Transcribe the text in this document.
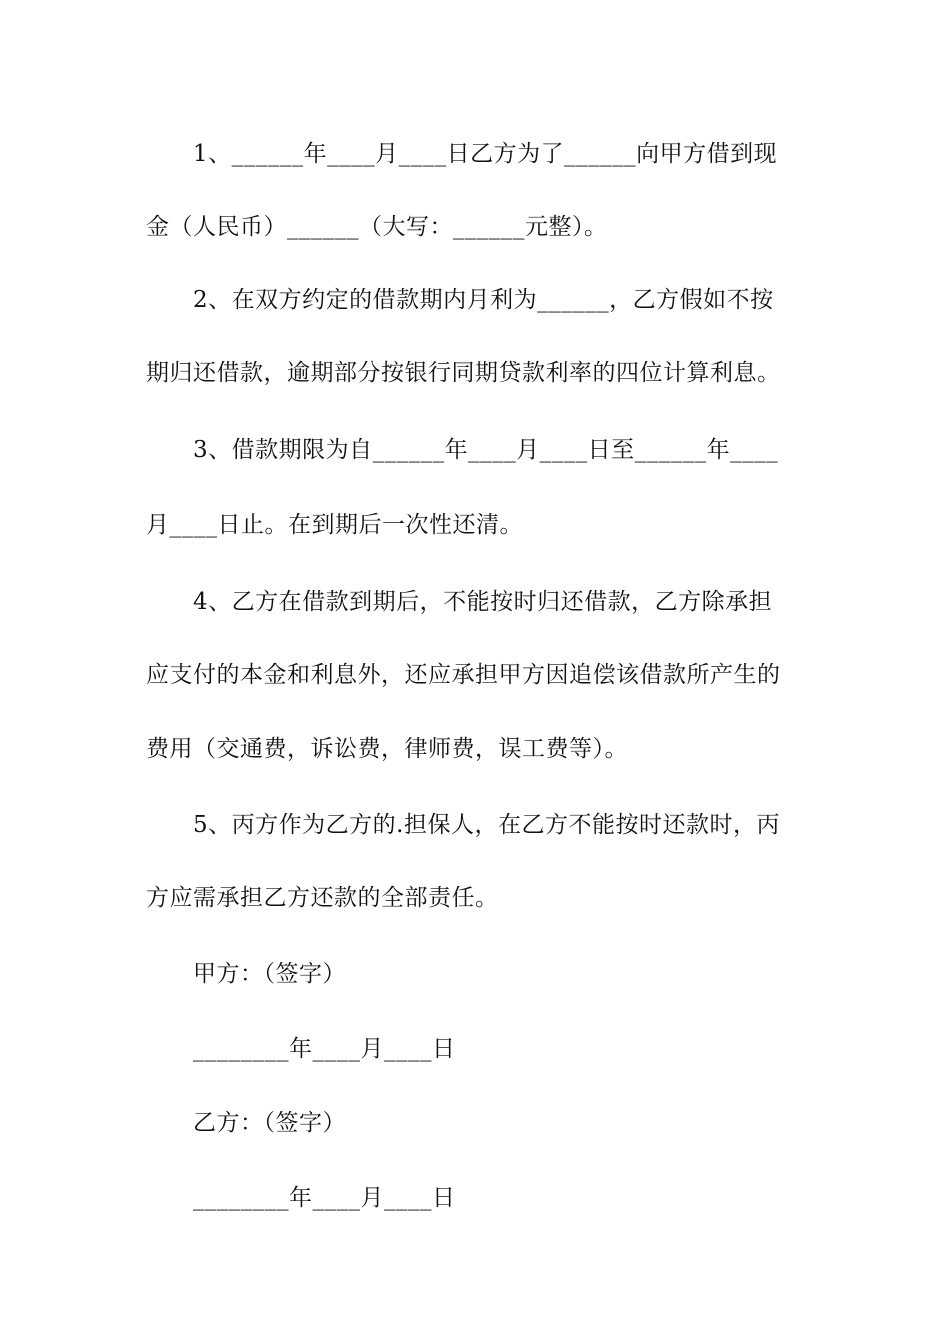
1、______年____月____日乙方为了______向甲方借到现
金（人民币）______（大写：______元整）。
2、在双方约定的借款期内月利为______，乙方假如不按
期归还借款，逾期部分按银行同期贷款利率的四位计算利息。
3、借款期限为自______年____月____日至______年____
月____日止。在到期后一次性还清。
4、乙方在借款到期后，不能按时归还借款，乙方除承担
应支付的本金和利息外，还应承担甲方因追偿该借款所产生的
费用（交通费，诉讼费，律师费，误工费等）。
5、丙方作为乙方的.担保人，在乙方不能按时还款时，丙
方应需承担乙方还款的全部责任。
甲方：（签字）
________年____月____日
乙方：（签字）
________年____月____日
